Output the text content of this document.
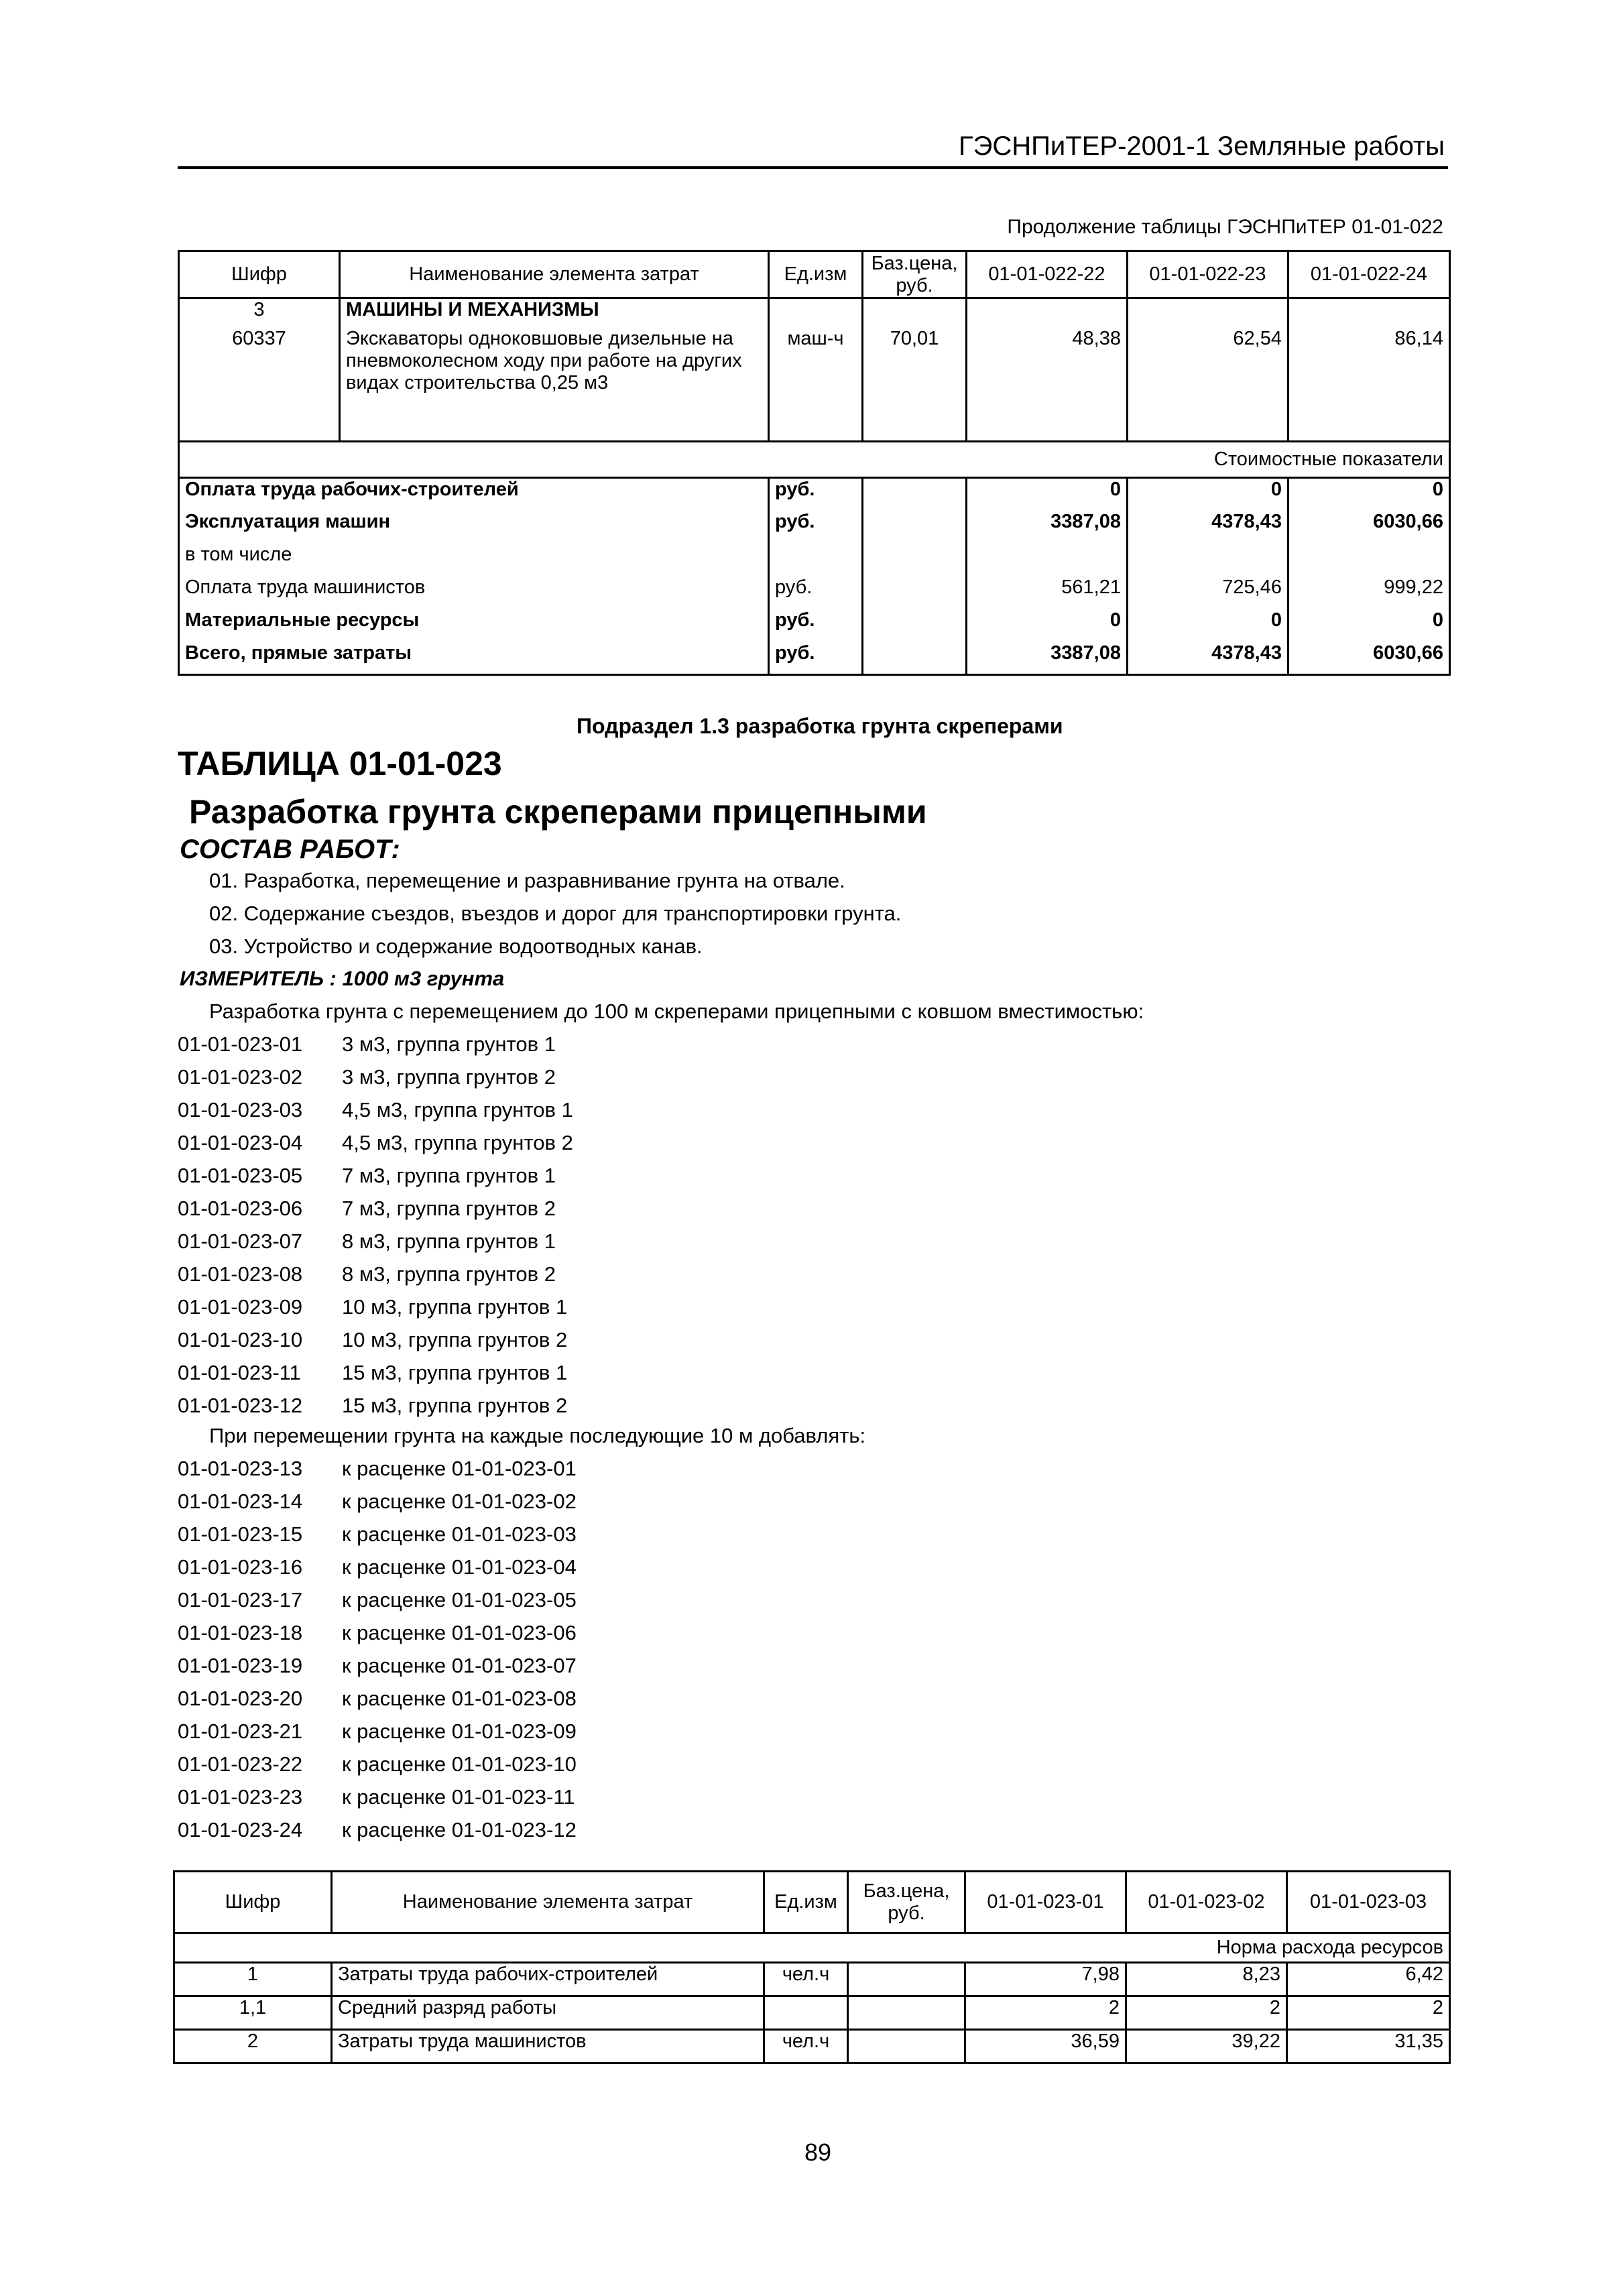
ГЭСНПиТЕР-2001-1 Земляные работы
Продолжение таблицы ГЭСНПиТЕР 01-01-022
Шифр	Наименование элемента затрат	Ед.изм	Баз.цена, руб.	01-01-022-22	01-01-022-23	01-01-022-24
3	МАШИНЫ И МЕХАНИЗМЫ					
60337	Экскаваторы одноковшовые дизельные на пневмоколесном ходу при работе на других видах строительства 0,25 м3	маш-ч	70,01	48,38	62,54	86,14
Стоимостные показатели						
Оплата труда рабочих-строителей		руб.		0	0	0
Эксплуатация машин		руб.		3387,08	4378,43	6030,66
в том числе						
Оплата труда машинистов		руб.		561,21	725,46	999,22
Материальные ресурсы		руб.		0	0	0
Всего, прямые затраты		руб.		3387,08	4378,43	6030,66
Подраздел 1.3 разработка грунта скреперами
ТАБЛИЦА 01-01-023
Разработка грунта скреперами прицепными
СОСТАВ РАБОТ:
01. Разработка, перемещение и разравнивание грунта на отвале.
02. Содержание съездов, въездов и дорог для транспортировки грунта.
03. Устройство и содержание водоотводных канав.
ИЗМЕРИТЕЛЬ : 1000 м3 грунта
Разработка грунта с перемещением до 100 м скреперами прицепными с ковшом вместимостью:
01-01-023-01	3 м3, группа грунтов 1
01-01-023-02	3 м3, группа грунтов 2
01-01-023-03	4,5 м3, группа грунтов 1
01-01-023-04	4,5 м3, группа грунтов 2
01-01-023-05	7 м3, группа грунтов 1
01-01-023-06	7 м3, группа грунтов 2
01-01-023-07	8 м3, группа грунтов 1
01-01-023-08	8 м3, группа грунтов 2
01-01-023-09	10 м3, группа грунтов 1
01-01-023-10	10 м3, группа грунтов 2
01-01-023-11	15 м3, группа грунтов 1
01-01-023-12	15 м3, группа грунтов 2
При перемещении грунта на каждые последующие 10 м добавлять:
01-01-023-13	к расценке 01-01-023-01
01-01-023-14	к расценке 01-01-023-02
01-01-023-15	к расценке 01-01-023-03
01-01-023-16	к расценке 01-01-023-04
01-01-023-17	к расценке 01-01-023-05
01-01-023-18	к расценке 01-01-023-06
01-01-023-19	к расценке 01-01-023-07
01-01-023-20	к расценке 01-01-023-08
01-01-023-21	к расценке 01-01-023-09
01-01-023-22	к расценке 01-01-023-10
01-01-023-23	к расценке 01-01-023-11
01-01-023-24	к расценке 01-01-023-12
Шифр	Наименование элемента затрат	Ед.изм	Баз.цена, руб.	01-01-023-01	01-01-023-02	01-01-023-03
Норма расхода ресурсов						
1	Затраты труда рабочих-строителей	чел.ч		7,98	8,23	6,42
1,1	Средний разряд работы			2	2	2
2	Затраты труда машинистов	чел.ч		36,59	39,22	31,35
89
